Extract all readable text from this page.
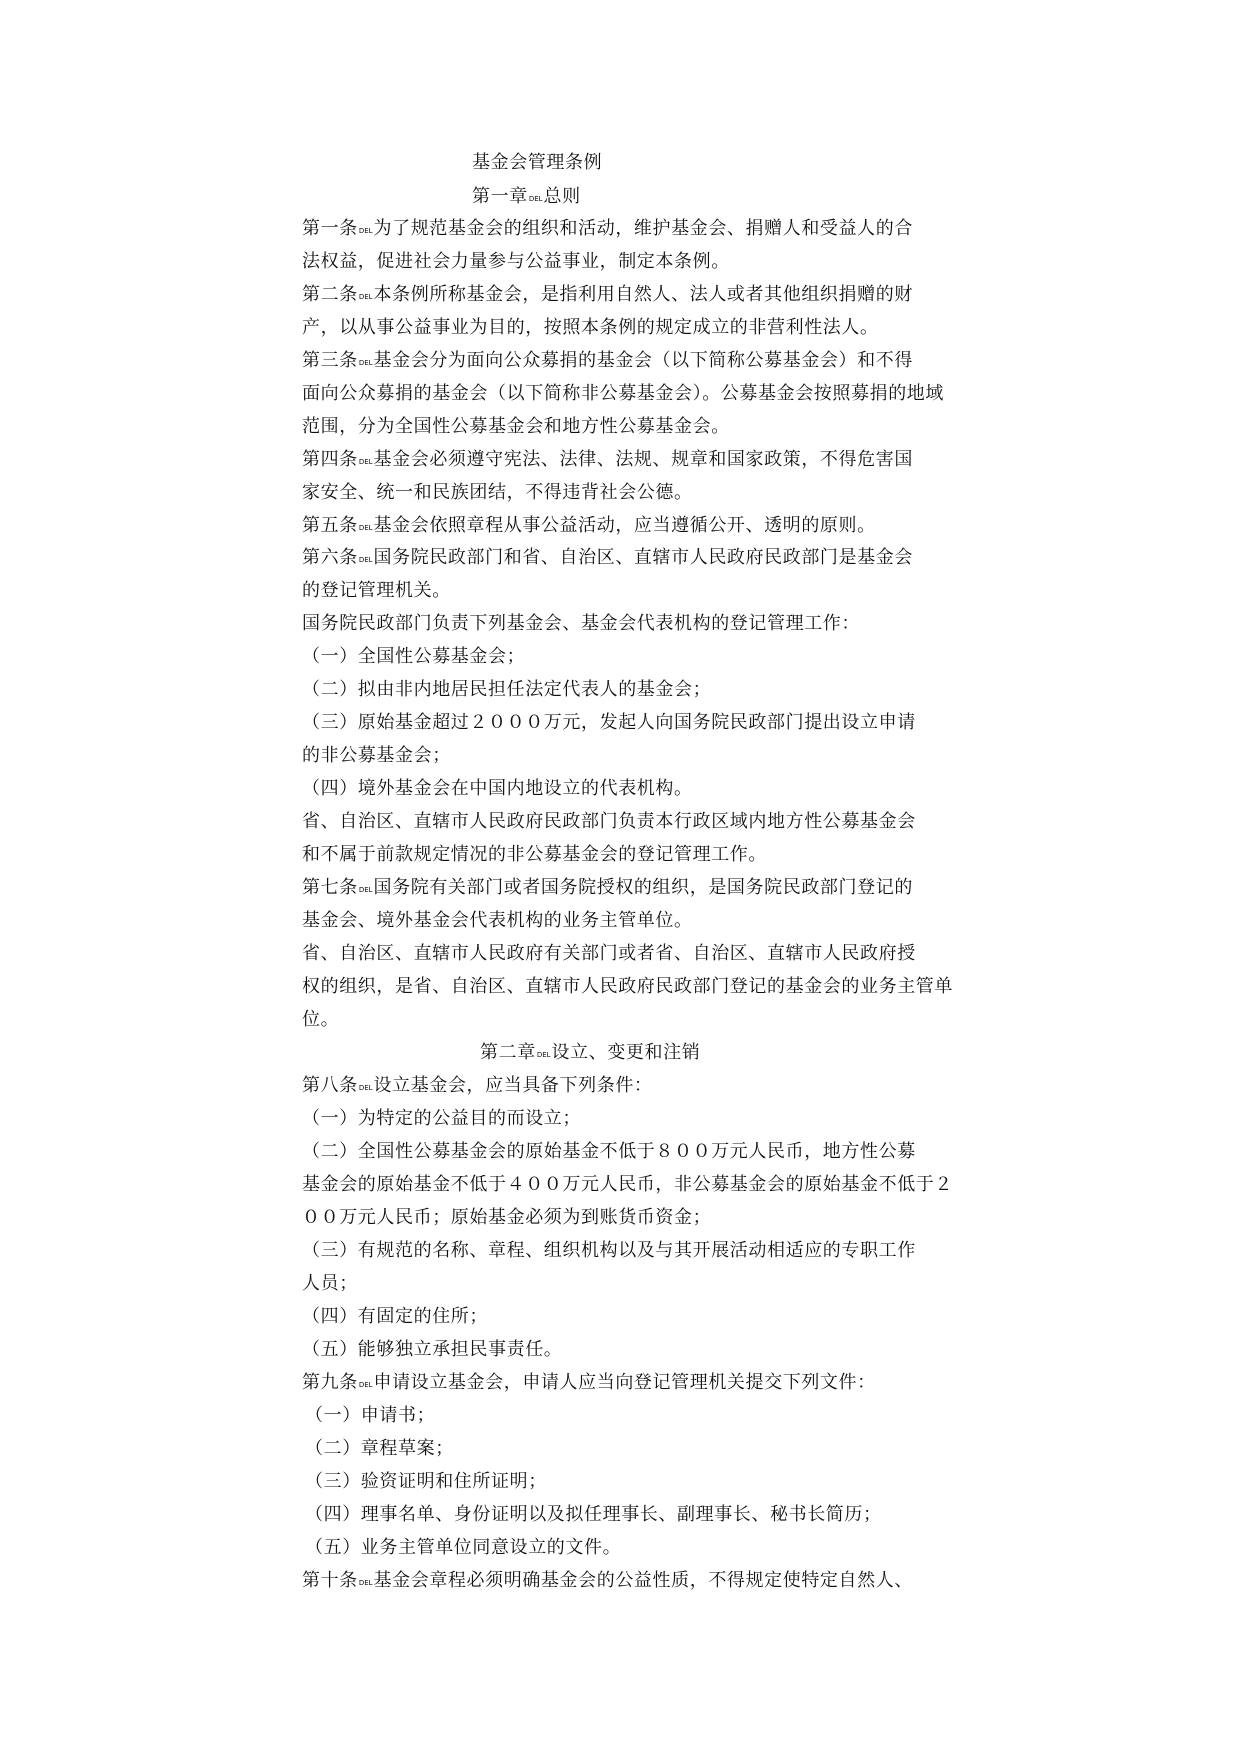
基金会管理条例

第一章DEL总则

第一条DEL为了规范基金会的组织和活动，维护基金会、捐赠人和受益人的合

法权益，促进社会力量参与公益事业，制定本条例。

第二条DEL本条例所称基金会，是指利用自然人、法人或者其他组织捐赠的财

产，以从事公益事业为目的，按照本条例的规定成立的非营利性法人。

第三条DEL基金会分为面向公众募捐的基金会（以下简称公募基金会）和不得

面向公众募捐的基金会（以下简称非公募基金会）。公募基金会按照募捐的地域

范围，分为全国性公募基金会和地方性公募基金会。

第四条DEL基金会必须遵守宪法、法律、法规、规章和国家政策，不得危害国

家安全、统一和民族团结，不得违背社会公德。

第五条DEL基金会依照章程从事公益活动，应当遵循公开、透明的原则。

第六条DEL国务院民政部门和省、自治区、直辖市人民政府民政部门是基金会

的登记管理机关。

国务院民政部门负责下列基金会、基金会代表机构的登记管理工作：

（一）全国性公募基金会；

（二）拟由非内地居民担任法定代表人的基金会；

（三）原始基金超过２０００万元，发起人向国务院民政部门提出设立申请

的非公募基金会；

（四）境外基金会在中国内地设立的代表机构。

省、自治区、直辖市人民政府民政部门负责本行政区域内地方性公募基金会

和不属于前款规定情况的非公募基金会的登记管理工作。

第七条DEL国务院有关部门或者国务院授权的组织，是国务院民政部门登记的

基金会、境外基金会代表机构的业务主管单位。

省、自治区、直辖市人民政府有关部门或者省、自治区、直辖市人民政府授

权的组织，是省、自治区、直辖市人民政府民政部门登记的基金会的业务主管单

位。

第二章DEL设立、变更和注销

第八条DEL设立基金会，应当具备下列条件：

（一）为特定的公益目的而设立；

（二）全国性公募基金会的原始基金不低于８００万元人民币，地方性公募

基金会的原始基金不低于４００万元人民币，非公募基金会的原始基金不低于２

００万元人民币；原始基金必须为到账货币资金；

（三）有规范的名称、章程、组织机构以及与其开展活动相适应的专职工作

人员；

（四）有固定的住所；

（五）能够独立承担民事责任。

第九条DEL申请设立基金会，申请人应当向登记管理机关提交下列文件：

（一）申请书；

（二）章程草案；

（三）验资证明和住所证明；

（四）理事名单、身份证明以及拟任理事长、副理事长、秘书长简历；

（五）业务主管单位同意设立的文件。

第十条DEL基金会章程必须明确基金会的公益性质，不得规定使特定自然人、
